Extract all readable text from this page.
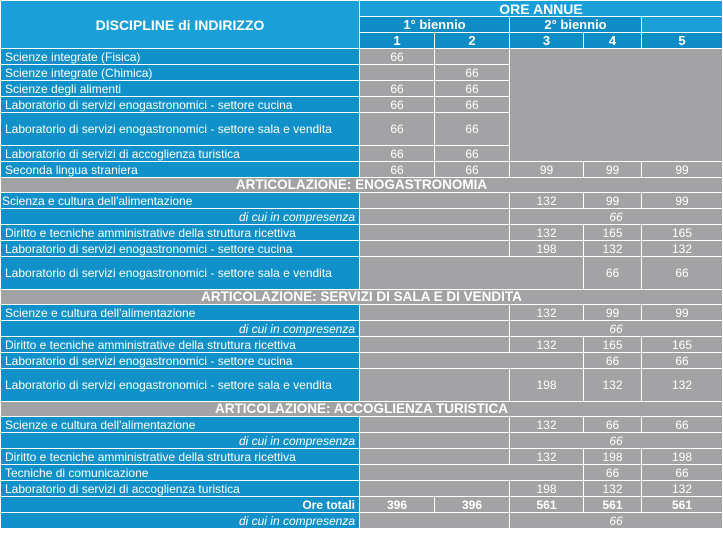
DISCIPLINE di INDIRIZZO	ORE ANNUE				
	1° biennio		2° biennio		
	1	2	3	4	5
Scienze integrate (Fisica)	66				
Scienze integrate (Chimica)		66			
Scienze degli alimenti	66	66			
Laboratorio di servizi enogastronomici - settore cucina	66	66			
Laboratorio di servizi enogastronomici - settore sala e vendita	66	66			
Laboratorio di servizi di accoglienza turistica	66	66			
Seconda lingua straniera	66	66	99	99	99
ARTICOLAZIONE: ENOGASTRONOMIA					
Scienza e cultura dell'alimentazione			132	99	99
di cui in compresenza			66		
Diritto e tecniche amministrative della struttura ricettiva			132	165	165
Laboratorio di servizi enogastronomici - settore cucina			198	132	132
Laboratorio di servizi enogastronomici - settore sala e vendita				66	66
ARTICOLAZIONE: SERVIZI DI SALA E DI VENDITA					
Scienze e cultura dell'alimentazione			132	99	99
di cui in compresenza			66		
Diritto e tecniche amministrative della struttura ricettiva			132	165	165
Laboratorio di servizi enogastronomici - settore cucina				66	66
Laboratorio di servizi enogastronomici - settore sala e vendita			198	132	132
ARTICOLAZIONE: ACCOGLIENZA TURISTICA					
Scienze e cultura dell'alimentazione			132	66	66
di cui in compresenza			66		
Diritto e tecniche amministrative della struttura ricettiva			132	198	198
Tecniche di comunicazione				66	66
Laboratorio di servizi di accoglienza turistica			198	132	132
Ore totali	396	396	561	561	561
di cui in compresenza			66		
